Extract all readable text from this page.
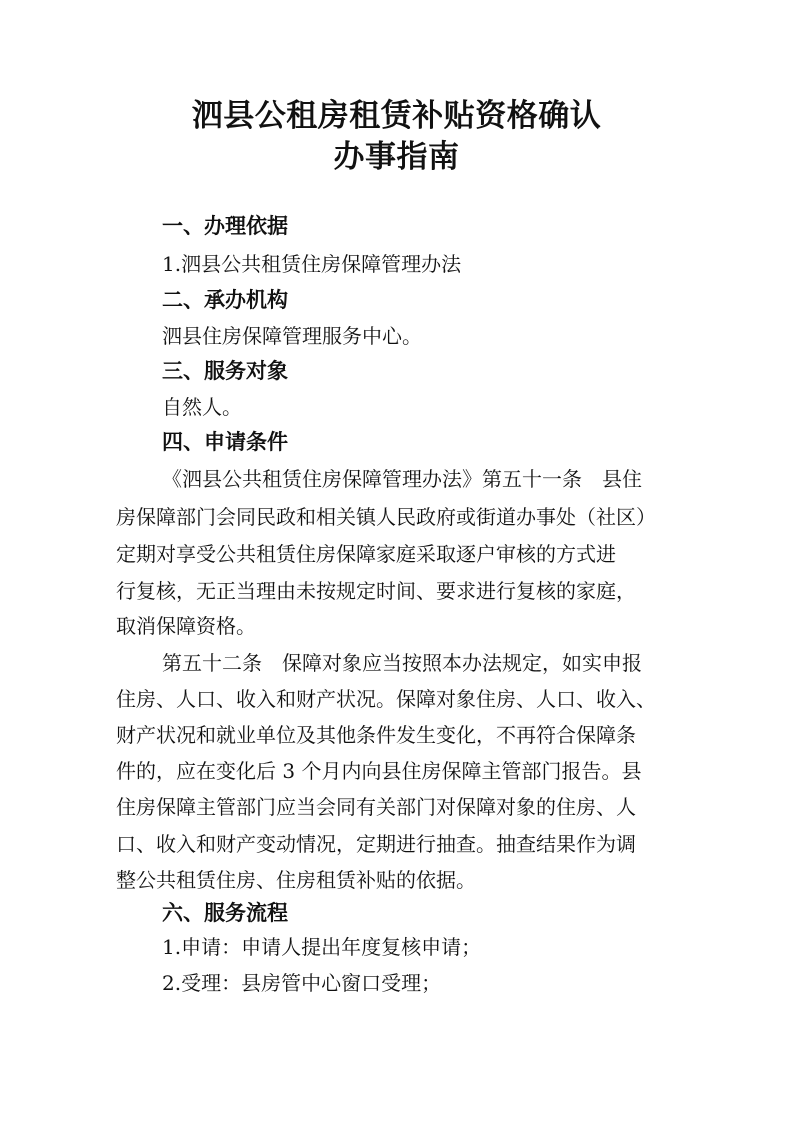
泗县公租房租赁补贴资格确认
办事指南
一、办理依据
1.泗县公共租赁住房保障管理办法
二、承办机构
泗县住房保障管理服务中心。
三、服务对象
自然人。
四、申请条件
《泗县公共租赁住房保障管理办法》第五十一条　县住
房保障部门会同民政和相关镇人民政府或街道办事处（社区）
定期对享受公共租赁住房保障家庭采取逐户审核的方式进
行复核，无正当理由未按规定时间、要求进行复核的家庭，
取消保障资格。
第五十二条　保障对象应当按照本办法规定，如实申报
住房、人口、收入和财产状况。保障对象住房、人口、收入、
财产状况和就业单位及其他条件发生变化，不再符合保障条
件的，应在变化后 3 个月内向县住房保障主管部门报告。县
住房保障主管部门应当会同有关部门对保障对象的住房、人
口、收入和财产变动情况，定期进行抽查。抽查结果作为调
整公共租赁住房、住房租赁补贴的依据。
六、服务流程
1.申请：申请人提出年度复核申请；
2.受理：县房管中心窗口受理；
